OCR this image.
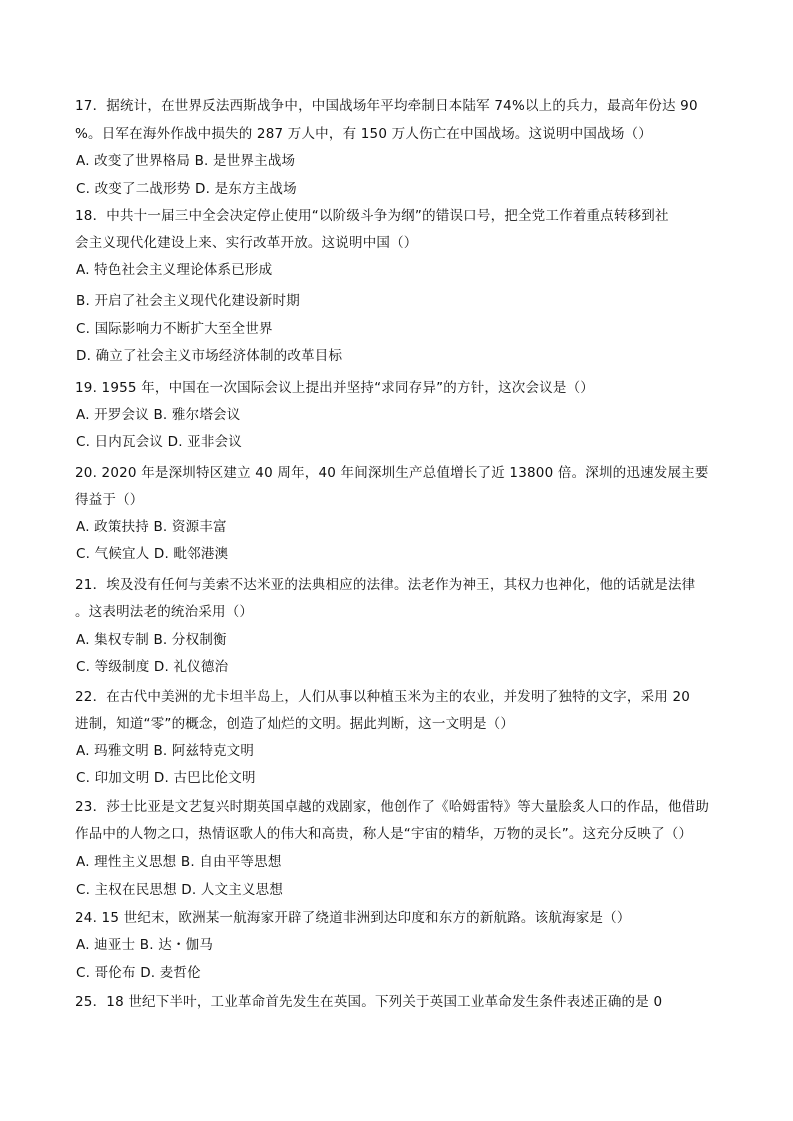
17．据统计，在世界反法西斯战争中，中国战场年平均牵制日本陆军 74%以上的兵力，最高年份达 90
%。日军在海外作战中损失的 287 万人中，有 150 万人伤亡在中国战场。这说明中国战场（）
A. 改变了世界格局 B. 是世界主战场
C. 改变了二战形势 D. 是东方主战场
18．中共十一届三中全会决定停止使用“以阶级斗争为纲”的错误口号，把全党工作着重点转移到社
会主义现代化建设上来、实行改革开放。这说明中国（）
A. 特色社会主义理论体系已形成
B. 开启了社会主义现代化建设新时期
C. 国际影响力不断扩大至全世界
D. 确立了社会主义市场经济体制的改革目标
19. 1955 年，中国在一次国际会议上提出并坚持“求同存异”的方针，这次会议是（）
A. 开罗会议 B. 雅尔塔会议
C. 日内瓦会议 D. 亚非会议
20. 2020 年是深圳特区建立 40 周年，40 年间深圳生产总值增长了近 13800 倍。深圳的迅速发展主要
得益于（）
A. 政策扶持 B. 资源丰富
C. 气候宜人 D. 毗邻港澳
21．埃及没有任何与美索不达米亚的法典相应的法律。法老作为神王，其权力也神化，他的话就是法律
。这表明法老的统治采用（）
A. 集权专制 B. 分权制衡
C. 等级制度 D. 礼仪德治
22．在古代中美洲的尤卡坦半岛上，人们从事以种植玉米为主的农业，并发明了独特的文字，采用 20
进制，知道“零”的概念，创造了灿烂的文明。据此判断，这一文明是（）
A. 玛雅文明 B. 阿兹特克文明
C. 印加文明 D. 古巴比伦文明
23．莎士比亚是文艺复兴时期英国卓越的戏剧家，他创作了《哈姆雷特》等大量脍炙人口的作品，他借助
作品中的人物之口，热情讴歌人的伟大和高贵，称人是“宇宙的精华，万物的灵长”。这充分反映了（）
A. 理性主义思想 B. 自由平等思想
C. 主权在民思想 D. 人文主义思想
24. 15 世纪末，欧洲某一航海家开辟了绕道非洲到达印度和东方的新航路。该航海家是（）
A. 迪亚士 B. 达・伽马
C. 哥伦布 D. 麦哲伦
25．18 世纪下半叶，工业革命首先发生在英国。下列关于英国工业革命发生条件表述正确的是 0
